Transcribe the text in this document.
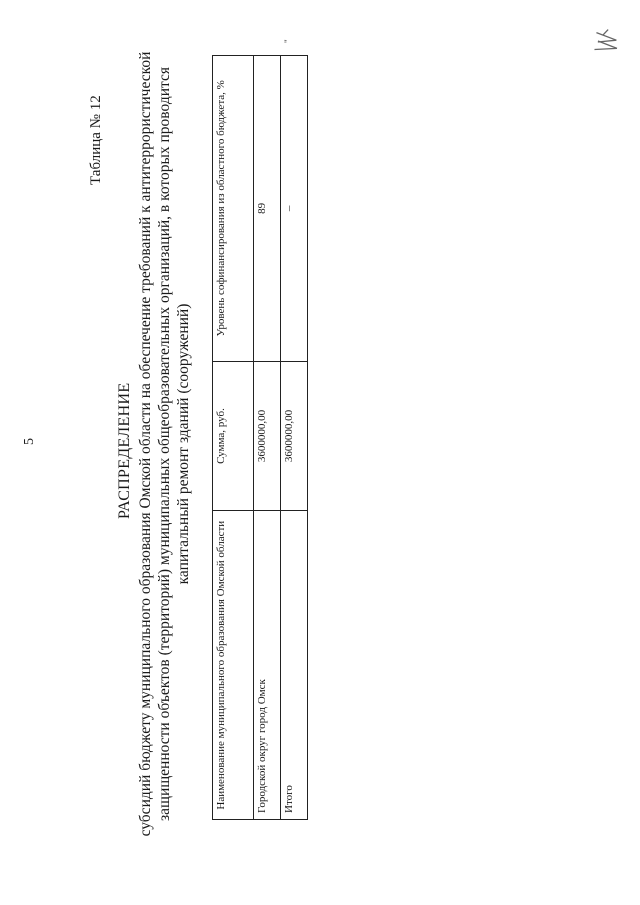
5
Таблица № 12
РАСПРЕДЕЛЕНИЕ субсидий бюджету муниципального образования Омской области на обеспечение требований к антитеррористической защищенности объектов (территорий) муниципальных общеобразовательных организаций, в которых проводится капитальный ремонт зданий (сооружений)
Наименование муниципального образования Омской области	Сумма, руб.	Уровень софинансирования из областного бюджета, %
Городской округ город Омск	3600000,00	89
Итого	3600000,00	–
"
